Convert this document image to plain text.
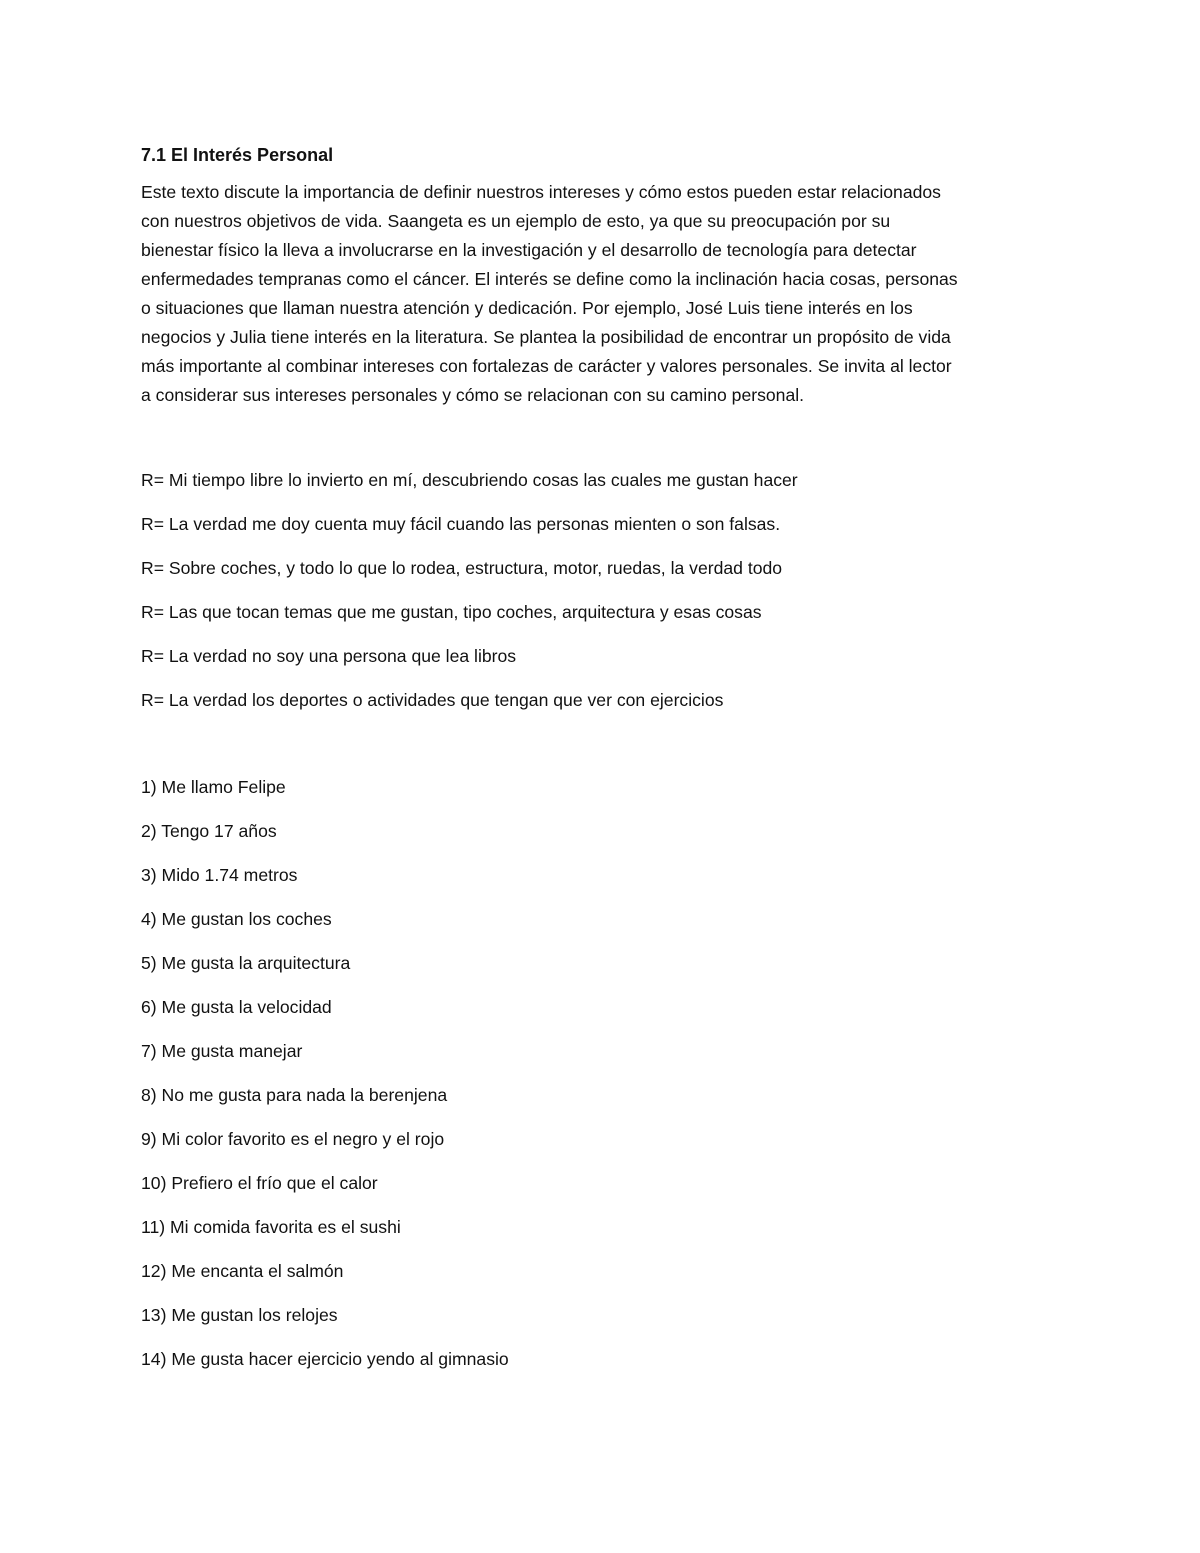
7.1 El Interés Personal

Este texto discute la importancia de definir nuestros intereses y cómo estos pueden estar relacionados
con nuestros objetivos de vida. Saangeta es un ejemplo de esto, ya que su preocupación por su
bienestar físico la lleva a involucrarse en la investigación y el desarrollo de tecnología para detectar
enfermedades tempranas como el cáncer. El interés se define como la inclinación hacia cosas, personas
o situaciones que llaman nuestra atención y dedicación. Por ejemplo, José Luis tiene interés en los
negocios y Julia tiene interés en la literatura. Se plantea la posibilidad de encontrar un propósito de vida
más importante al combinar intereses con fortalezas de carácter y valores personales. Se invita al lector
a considerar sus intereses personales y cómo se relacionan con su camino personal.

R= Mi tiempo libre lo invierto en mí, descubriendo cosas las cuales me gustan hacer
R= La verdad me doy cuenta muy fácil cuando las personas mienten o son falsas.
R= Sobre coches, y todo lo que lo rodea, estructura, motor, ruedas, la verdad todo
R= Las que tocan temas que me gustan, tipo coches, arquitectura y esas cosas
R= La verdad no soy una persona que lea libros
R= La verdad los deportes o actividades que tengan que ver con ejercicios
1) Me llamo Felipe
2) Tengo 17 años
3) Mido 1.74 metros
4) Me gustan los coches
5) Me gusta la arquitectura
6) Me gusta la velocidad
7) Me gusta manejar
8) No me gusta para nada la berenjena
9) Mi color favorito es el negro y el rojo
10) Prefiero el frío que el calor
11) Mi comida favorita es el sushi
12) Me encanta el salmón
13) Me gustan los relojes
14) Me gusta hacer ejercicio yendo al gimnasio
